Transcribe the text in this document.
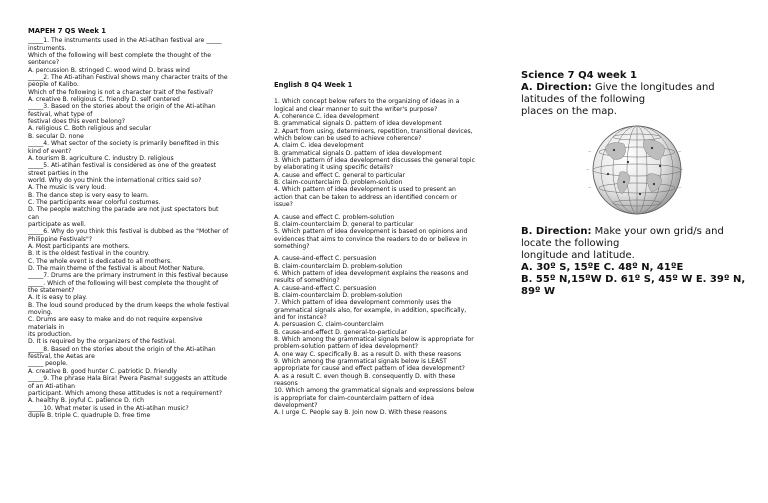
MAPEH 7 QS Week 1

_____1. The instruments used in the Ati-atihan festival are _____

instruments.

Which of the following will best complete the thought of the

sentence?

A. percussion B. stringed C. wood wind D. brass wind

_____2. The Ati-atihan Festival shows many character traits of the

people of Kalibo.

Which of the following is not a character trait of the festival?

A. creative B. religious C. friendly D. self centered

_____3. Based on the stories about the origin of the Ati-atihan

festival, what type of

festival does this event belong?

A. religious C. Both religious and secular

B. secular D. none

_____4. What sector of the society is primarily benefited in this

kind of event?

A. tourism B. agriculture C. industry D. religious

_____5. Ati-atihan festival is considered as one of the greatest

street parties in the

world. Why do you think the international critics said so?

A. The music is very loud.

B. The dance step is very easy to learn.

C. The participants wear colorful costumes.

D. The people watching the parade are not just spectators but

can

participate as well.

_____6. Why do you think this festival is dubbed as the "Mother of

Philippine Festivals"?

A. Most participants are mothers.

B. It is the oldest festival in the country.

C. The whole event is dedicated to all mothers.

D. The main theme of the festival is about Mother Nature.

_____7. Drums are the primary instrument in this festival because

_____. Which of the following will best complete the thought of

the statement?

A. It is easy to play.

B. The loud sound produced by the drum keeps the whole festival

moving.

C. Drums are easy to make and do not require expensive

materials in

its production.

D. It is required by the organizers of the festival.

_____8. Based on the stories about the origin of the Ati-atihan

festival, the Aetas are

_____ people.

A. creative B. good hunter C. patriotic D. friendly

_____9. The phrase Hala Bira! Pwera Pasma! suggests an attitude

of an Ati-atihan

participant. Which among these attitudes is not a requirement?

A. healthy B. joyful C. patience D. rich

_____10. What meter is used in the Ati-atihan music?

duple B. triple C. quadruple D. free time

English 8 Q4 Week 1

1. Which concept below refers to the organizing of ideas in a

logical and clear manner to suit the writer's purpose?

A. coherence C. idea development

B. grammatical signals D. pattern of idea development

2. Apart from using, determiners, repetition, transitional devices,

which below can be used to achieve coherence?

A. claim C. idea development

B. grammatical signals D. pattern of idea development

3. Which pattern of idea development discusses the general topic

by elaborating it using specific details?

A. cause and effect C. general to particular

B. claim-counterclaim D. problem-solution

4. Which pattern of idea development is used to present an

action that can be taken to address an identified concern or

issue?

A. cause and effect C. problem-solution

B. claim-counterclaim D. general to particular

5. Which pattern of idea development is based on opinions and

evidences that aims to convince the readers to do or believe in

something?

A. cause-and-effect C. persuasion

B. claim-counterclaim D. problem-solution

6. Which pattern of idea development explains the reasons and

results of something?

A. cause-and-effect C. persuasion

B. claim-counterclaim D. problem-solution

7. Which pattern of idea development commonly uses the

grammatical signals also, for example, in addition, specifically,

and for instance?

A. persuasion C. claim-counterclaim

B. cause-and-effect D. general-to-particular

8. Which among the grammatical signals below is appropriate for

problem-solution pattern of idea development?

A. one way C. specifically B. as a result D. with these reasons

9. Which among the grammatical signals below is LEAST

appropriate for cause and effect pattern of idea development?

A. as a result C. even though B. consequently D. with these

reasons

10. Which among the grammatical signals and expressions below

is appropriate for claim-counterclaim pattern of idea

development?

A. I urge C. People say B. Join now D. With these reasons

Science 7 Q4 week 1

A. Direction: Give the longitudes and

latitudes of the following

places on the map.

—
—
—
—
—
—

B. Direction: Make your own grid/s and

locate the following

longitude and latitude.

A. 30º S, 15ºE C. 48º N, 41ºE

B. 55º N,15ºW D. 61º S, 45º W E. 39º N,

89º W
